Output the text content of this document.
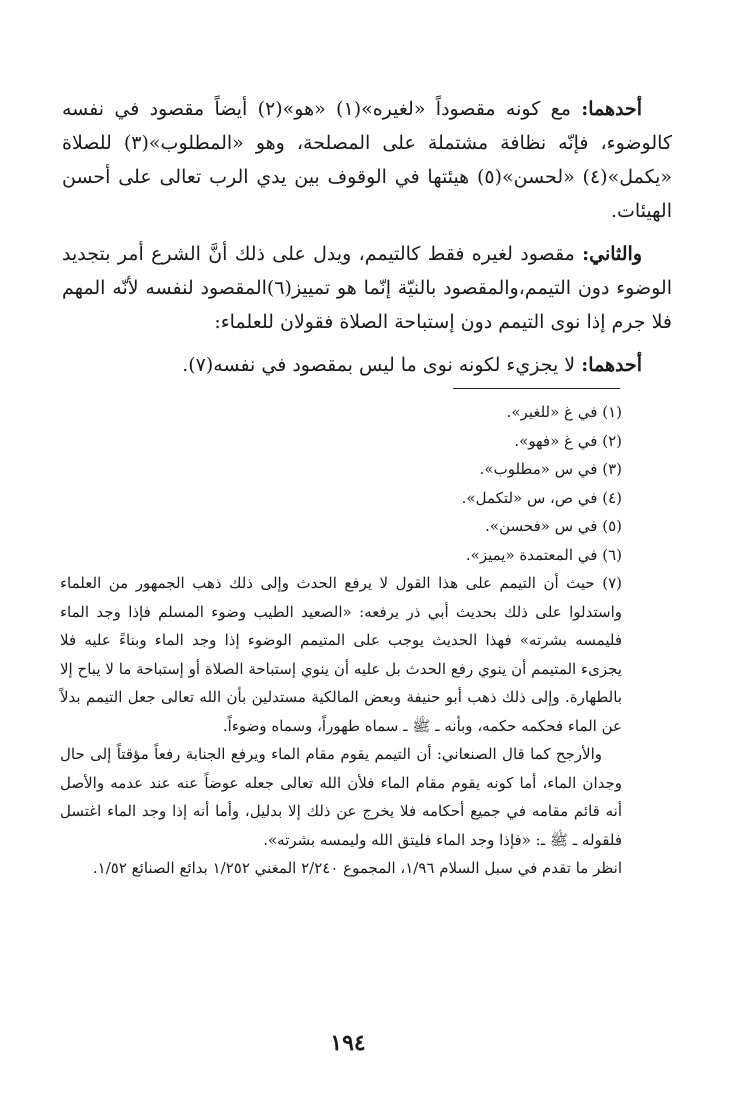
أحدهما: مع كونه مقصوداً «لغيره»(١) «هو»(٢) أيضاً مقصود في نفسه كالوضوء، فإنّه نظافة مشتملة على المصلحة، وهو «المطلوب»(٣) للصلاة «يكمل»(٤) «لحسن»(٥) هيئتها في الوقوف بين يدي الرب تعالى على أحسن الهيئات.

والثاني: مقصود لغيره فقط كالتيمم، ويدل على ذلك أنَّ الشرع أمر بتجديد الوضوء دون التيمم،والمقصود بالنيّة إنّما هو تمييز(٦)المقصود لنفسه لأنّه المهم فلا جرم إذا نوى التيمم دون إستباحة الصلاة فقولان للعلماء:

أحدهما: لا يجزيء لكونه نوى ما ليس بمقصود في نفسه(٧).

(١) في غ «للغير».

(٢) في غ «فهو».

(٣) في س «مطلوب».

(٤) في ص، س «لتكمل».

(٥) في س «فحسن».

(٦) في المعتمدة «يميز».

(٧) حيث أن التيمم على هذا القول لا يرفع الحدث وإلى ذلك ذهب الجمهور من العلماء واستدلوا على ذلك بحديث أبي ذر يرفعه: «الصعيد الطيب وضوء المسلم فإذا وجد الماء فليمسه بشرته» فهذا الحديث يوجب على المتيمم الوضوء إذا وجد الماء وبناءً عليه فلا يجزىء المتيمم أن ينوي رفع الحدث بل عليه أن ينوي إستباحة الصلاة أو إستباحة ما لا يباح إلا بالطهارة. وإلى ذلك ذهب أبو حنيفة وبعض المالكية مستدلين بأن الله تعالى جعل التيمم بدلاً عن الماء فحكمه حكمه، وبأنه ـ ﷺ ـ سماه طهوراً، وسماه وضوءاً.

والأرجح كما قال الصنعاني: أن التيمم يقوم مقام الماء ويرفع الجنابة رفعاً مؤقتاً إلى حال وجدان الماء، أما كونه يقوم مقام الماء فلأن الله تعالى جعله عوضاً عنه عند عدمه والأصل أنه قائم مقامه في جميع أحكامه فلا يخرج عن ذلك إلا بدليل، وأما أنه إذا وجد الماء اغتسل فلقوله ـ ﷺ ـ: «فإذا وجد الماء فليتق الله وليمسه بشرته».

انظر ما تقدم في سبل السلام ١/٩٦، المجموع ٢/٢٤٠ المغني ١/٢٥٢ بدائع الصنائع ١/٥٢.

١٩٤
